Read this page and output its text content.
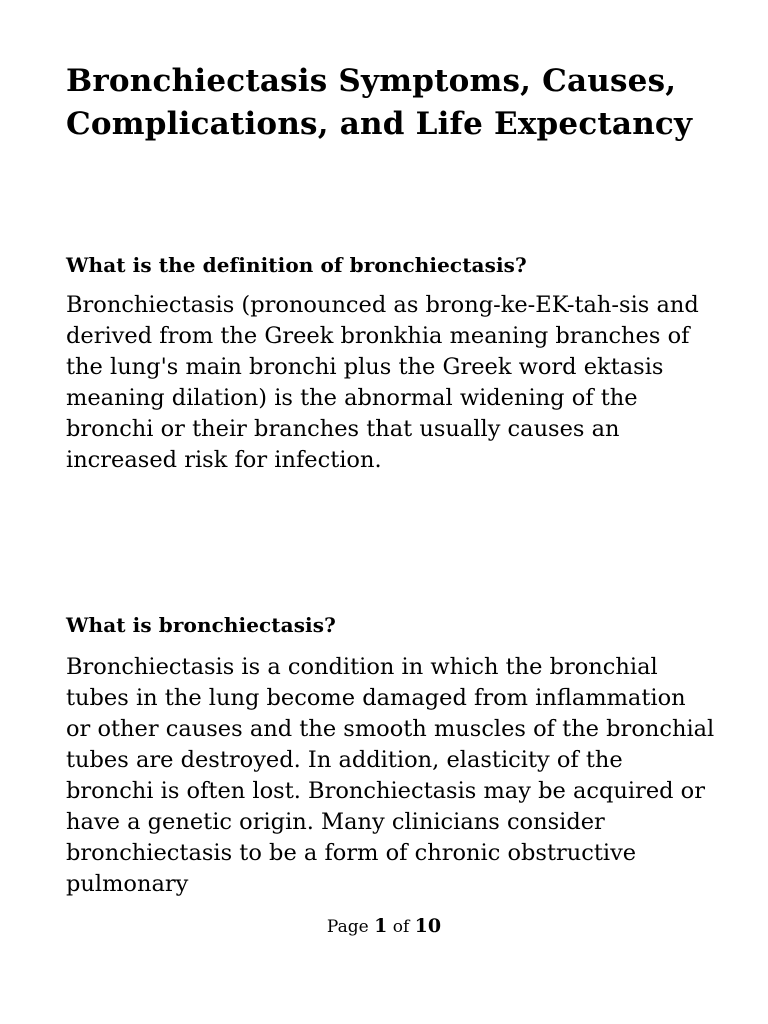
Bronchiectasis Symptoms, Causes, Complications, and Life Expectancy
What is the definition of bronchiectasis?

Bronchiectasis (pronounced as brong-ke-EK-tah-sis and derived from the Greek bronkhia meaning branches of the lung's main bronchi plus the Greek word ektasis meaning dilation) is the abnormal widening of the bronchi or their branches that usually causes an increased risk for infection.

What is bronchiectasis?

Bronchiectasis is a condition in which the bronchial tubes in the lung become damaged from inflammation or other causes and the smooth muscles of the bronchial tubes are destroyed. In addition, elasticity of the bronchi is often lost. Bronchiectasis may be acquired or have a genetic origin. Many clinicians consider bronchiectasis to be a form of chronic obstructive pulmonary

Page 1 of 10
